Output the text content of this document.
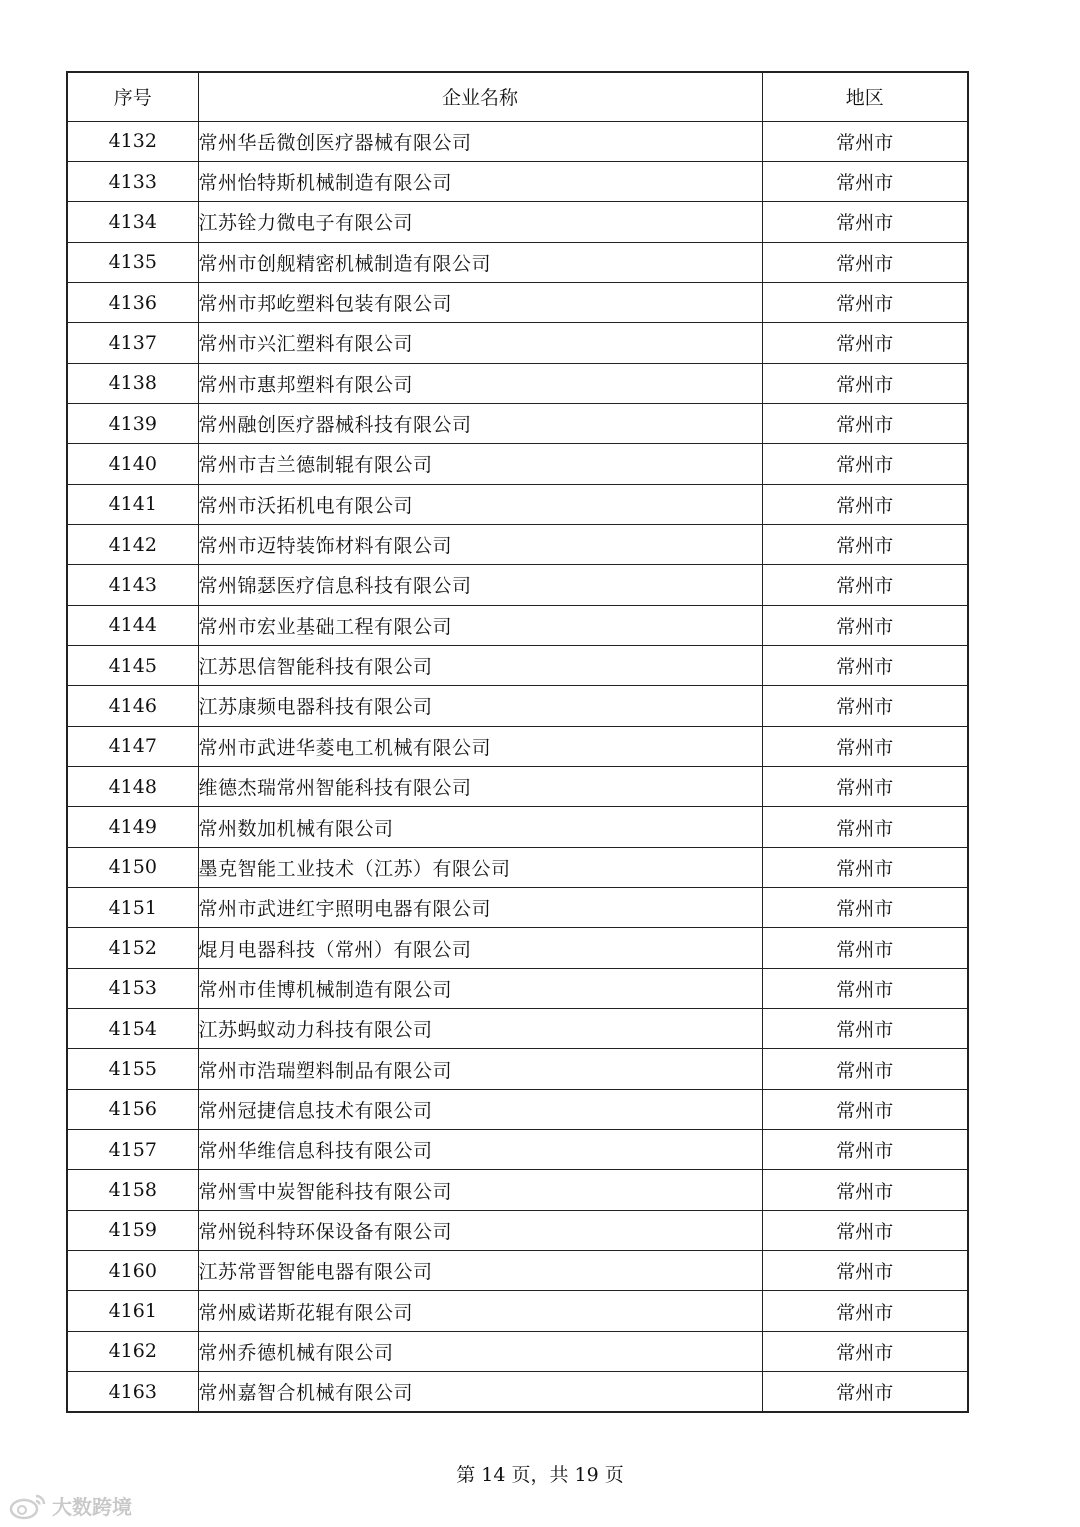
序号	企业名称	地区
4132	常州华岳微创医疗器械有限公司	常州市
4133	常州怡特斯机械制造有限公司	常州市
4134	江苏铨力微电子有限公司	常州市
4135	常州市创舰精密机械制造有限公司	常州市
4136	常州市邦屹塑料包装有限公司	常州市
4137	常州市兴汇塑料有限公司	常州市
4138	常州市惠邦塑料有限公司	常州市
4139	常州融创医疗器械科技有限公司	常州市
4140	常州市吉兰德制辊有限公司	常州市
4141	常州市沃拓机电有限公司	常州市
4142	常州市迈特装饰材料有限公司	常州市
4143	常州锦瑟医疗信息科技有限公司	常州市
4144	常州市宏业基础工程有限公司	常州市
4145	江苏思信智能科技有限公司	常州市
4146	江苏康频电器科技有限公司	常州市
4147	常州市武进华菱电工机械有限公司	常州市
4148	维德杰瑞常州智能科技有限公司	常州市
4149	常州数加机械有限公司	常州市
4150	墨克智能工业技术（江苏）有限公司	常州市
4151	常州市武进红宇照明电器有限公司	常州市
4152	焜月电器科技（常州）有限公司	常州市
4153	常州市佳博机械制造有限公司	常州市
4154	江苏蚂蚁动力科技有限公司	常州市
4155	常州市浩瑞塑料制品有限公司	常州市
4156	常州冠捷信息技术有限公司	常州市
4157	常州华维信息科技有限公司	常州市
4158	常州雪中炭智能科技有限公司	常州市
4159	常州锐科特环保设备有限公司	常州市
4160	江苏常晋智能电器有限公司	常州市
4161	常州威诺斯花辊有限公司	常州市
4162	常州乔德机械有限公司	常州市
4163	常州嘉智合机械有限公司	常州市
第 14 页，共 19 页
大数跨境
